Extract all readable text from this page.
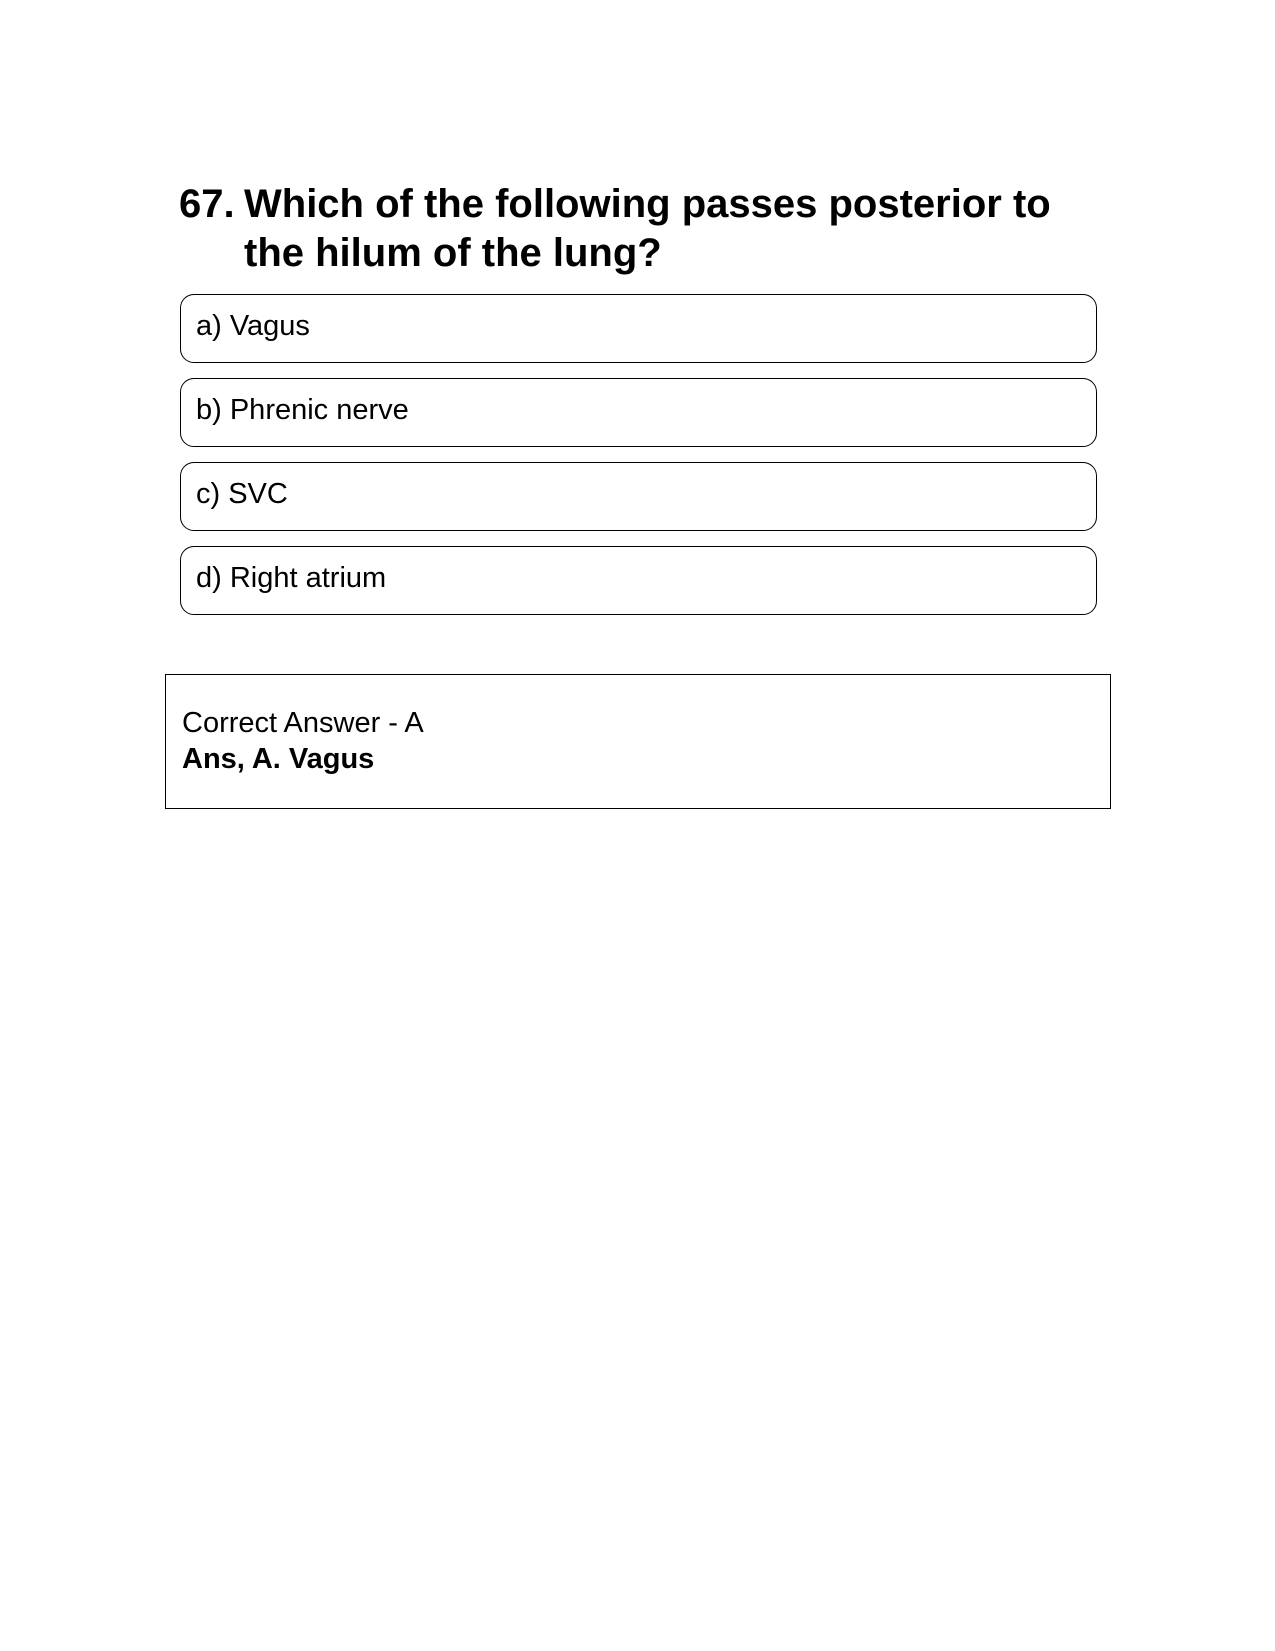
67. Which of the following passes posterior to the hilum of the lung?
a) Vagus
b) Phrenic nerve
c) SVC
d) Right atrium
Correct Answer - A
Ans, A. Vagus
